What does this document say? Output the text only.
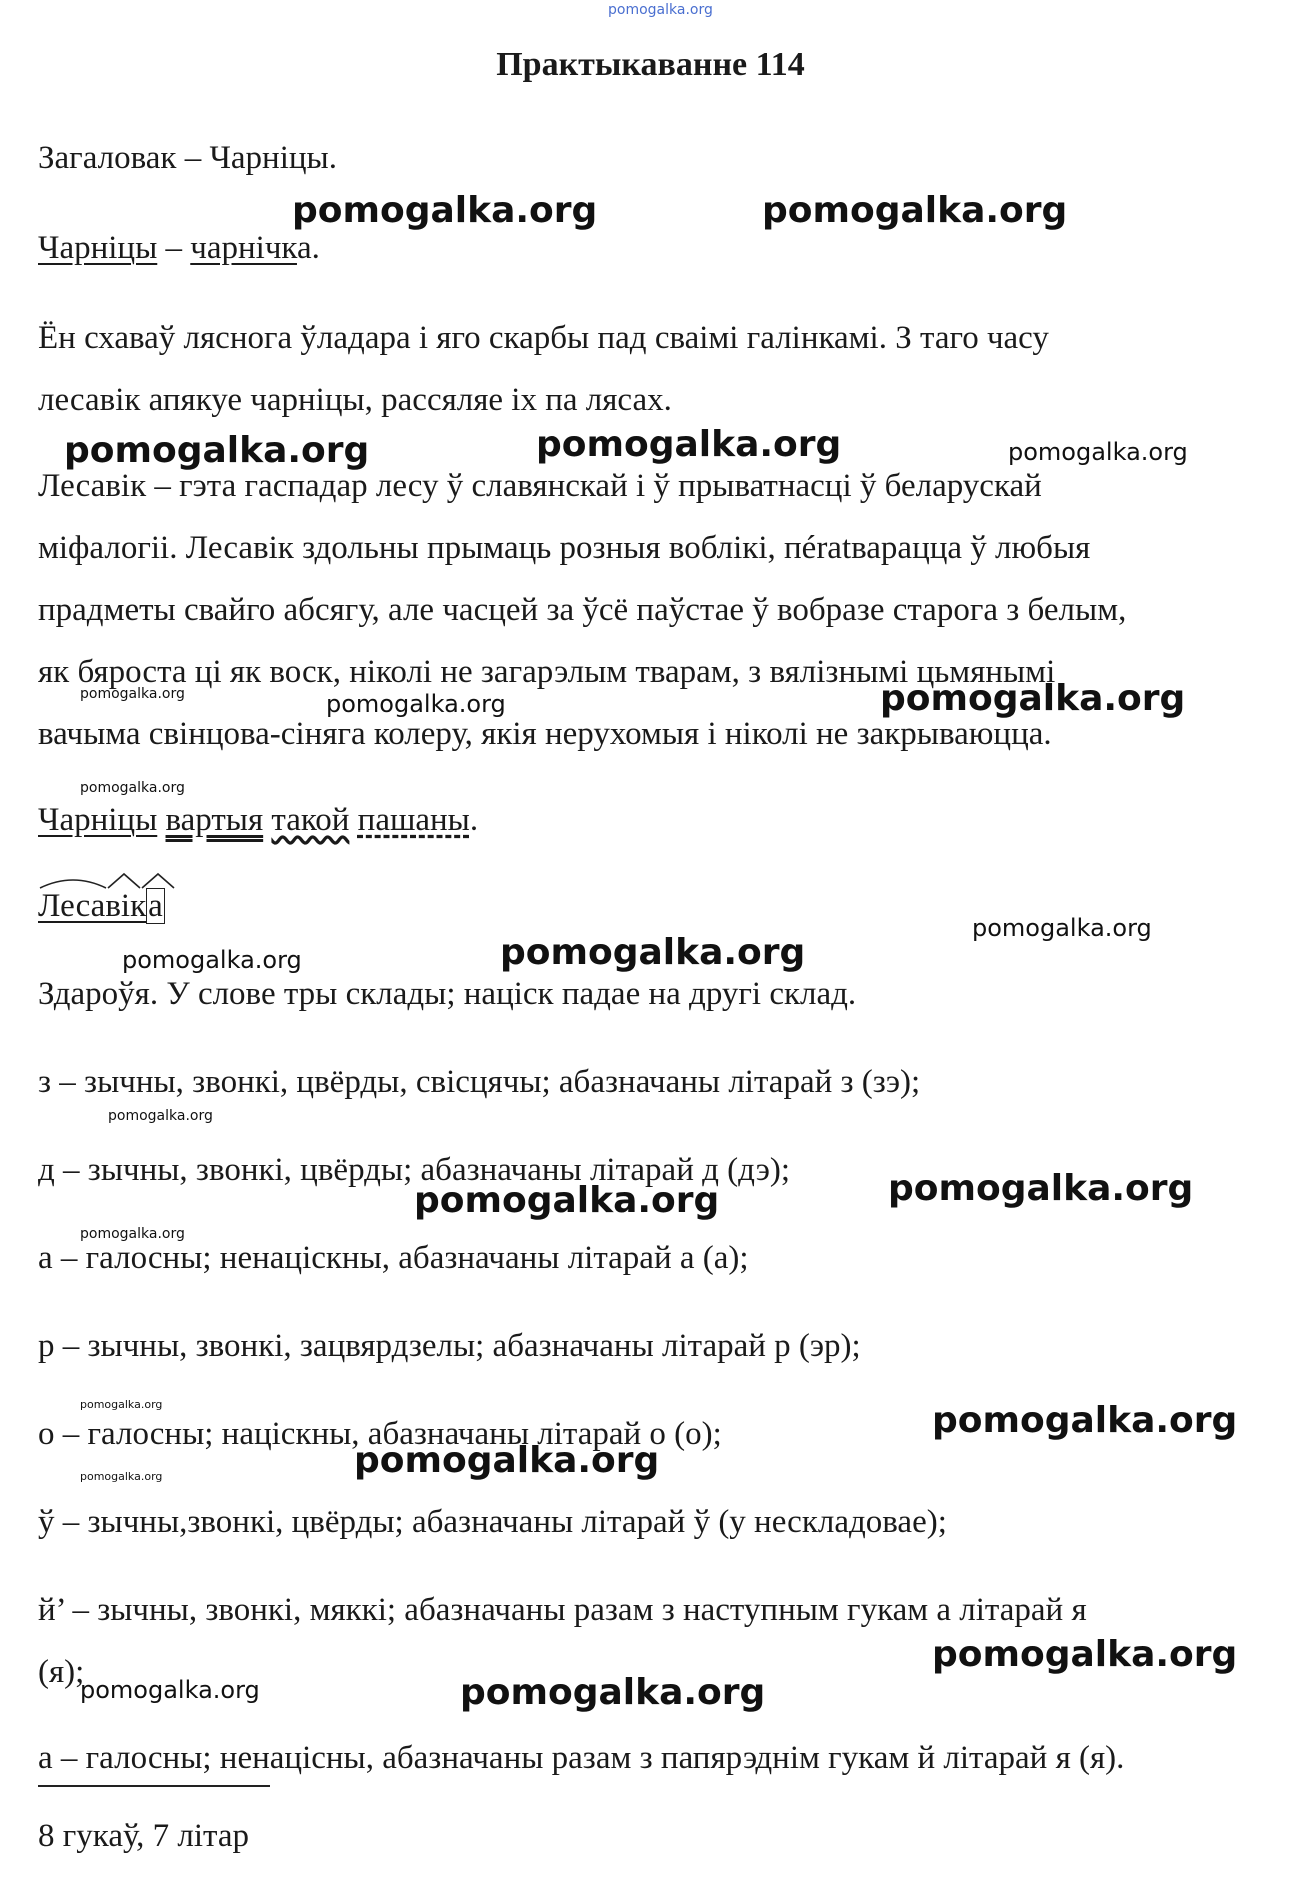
pomogalka.org
Практыкаванне 114
Загаловак – Чарніцы.
Чарніцы – чарнічка.
Ён схаваў ляснога ўладара і яго скарбы пад сваімі галінкамі. З таго часу
лесавік апякуе чарніцы, рассяляе іх па лясах.
Лесавік – гэта гаспадар лесу ў славянскай і ў прыватнасці ў беларускай
міфалогіі. Лесавік здольны прымаць розныя воблікі, пératварацца ў любыя
прадметы свайго абсягу, але часцей за ўсё паўстае ў вобразе старога з белым,
як бяроста ці як воск, ніколі не загарэлым тварам, з вялізнымі цьмянымі
вачыма свінцова-сіняга колеру, якія нерухомыя і ніколі не закрываюцца.
Чарніцы вартыя такой пашаны.
Лесавіка
Здароўя. У слове тры склады; націск падае на другі склад.
з – зычны, звонкі, цвёрды, свісцячы; абазначаны літарай з (зэ);
д – зычны, звонкі, цвёрды; абазначаны літарай д (дэ);
а – галосны; ненацiскны, абазначаны літарай а (а);
р – зычны, звонкі, зацвярдзелы; абазначаны літарай р (эр);
о – галосны; націскны, абазначаны літарай о (о);
ў – зычны,звонкі, цвёрды; абазначаны літарай ў (у нескладовае);
й’ – зычны, звонкі, мяккі; абазначаны разам з наступным гукам а літарай я
(я);
а – галосны; ненацісны, абазначаны разам з папярэднім гукам й літарай я (я).
8 гукаў, 7 літар
pomogalka.org	pomogalka.org
pomogalka.org	pomogalka.org	pomogalka.org
pomogalka.org	pomogalka.org	pomogalka.org
pomogalka.org
pomogalka.org
pomogalka.org	pomogalka.org
pomogalka.org
pomogalka.org
pomogalka.org
pomogalka.org
pomogalka.org	pomogalka.org
pomogalka.org
pomogalka.org
pomogalka.org
pomogalka.org	pomogalka.org
